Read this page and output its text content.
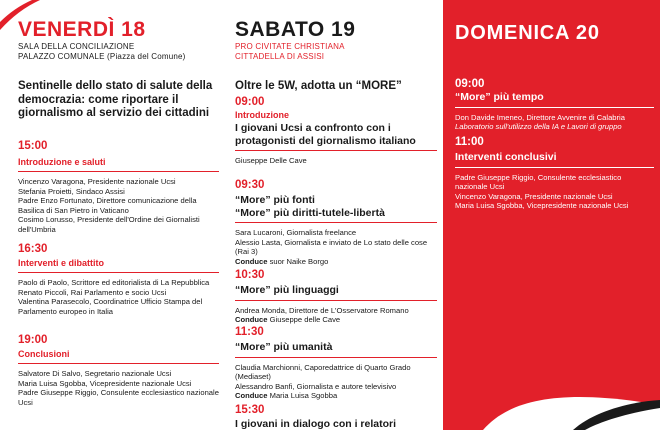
VENERDÌ 18
SALA DELLA CONCILIAZIONE
PALAZZO COMUNALE (Piazza del Comune)
Sentinelle dello stato di salute della democrazia: come riportare il giornalismo al servizio dei cittadini
15:00
Introduzione e saluti
Vincenzo Varagona, Presidente nazionale Ucsi
Stefania Proietti, Sindaco Assisi
Padre Enzo Fortunato, Direttore comunicazione della Basilica di San Pietro in Vaticano
Cosimo Lorusso, Presidente dell'Ordine dei Giornalisti dell'Umbria
16:30
Interventi e dibattito
Paolo di Paolo, Scrittore ed editorialista di La Repubblica
Renato Piccoli, Rai Parlamento e socio Ucsi
Valentina Parasecolo, Coordinatrice Ufficio Stampa del Parlamento europeo in Italia
19:00
Conclusioni
Salvatore Di Salvo, Segretario nazionale Ucsi
Maria Luisa Sgobba, Vicepresidente nazionale Ucsi
Padre Giuseppe Riggio, Consulente ecclesiastico nazionale Ucsi
SABATO 19
PRO CIVITATE CHRISTIANA
CITTADELLA DI ASSISI
Oltre le 5W, adotta un “MORE”
09:00
Introduzione
I giovani Ucsi a confronto con i protagonisti del giornalismo italiano
Giuseppe Delle Cave
09:30
“More” più fonti
“More” più diritti-tutele-libertà
Sara Lucaroni, Giornalista freelance
Alessio Lasta, Giornalista e inviato de Lo stato delle cose (Rai 3)
Conduce suor Naike Borgo
10:30
“More” più linguaggi
Andrea Monda, Direttore de L'Osservatore Romano
Conduce Giuseppe delle Cave
11:30
“More” più umanità
Claudia Marchionni, Caporedattrice di Quarto Grado (Mediaset)
Alessandro Banfi, Giornalista e autore televisivo
Conduce Maria Luisa Sgobba
15:30
I giovani in dialogo con i relatori
DOMENICA 20
09:00
“More” più tempo
Don Davide Imeneo, Direttore Avvenire di Calabria
Laboratorio sull'utilizzo della IA e Lavori di gruppo
11:00
Interventi conclusivi
Padre Giuseppe Riggio, Consulente ecclesiastico nazionale Ucsi
Vincenzo Varagona, Presidente nazionale Ucsi
Maria Luisa Sgobba, Vicepresidente nazionale Ucsi
